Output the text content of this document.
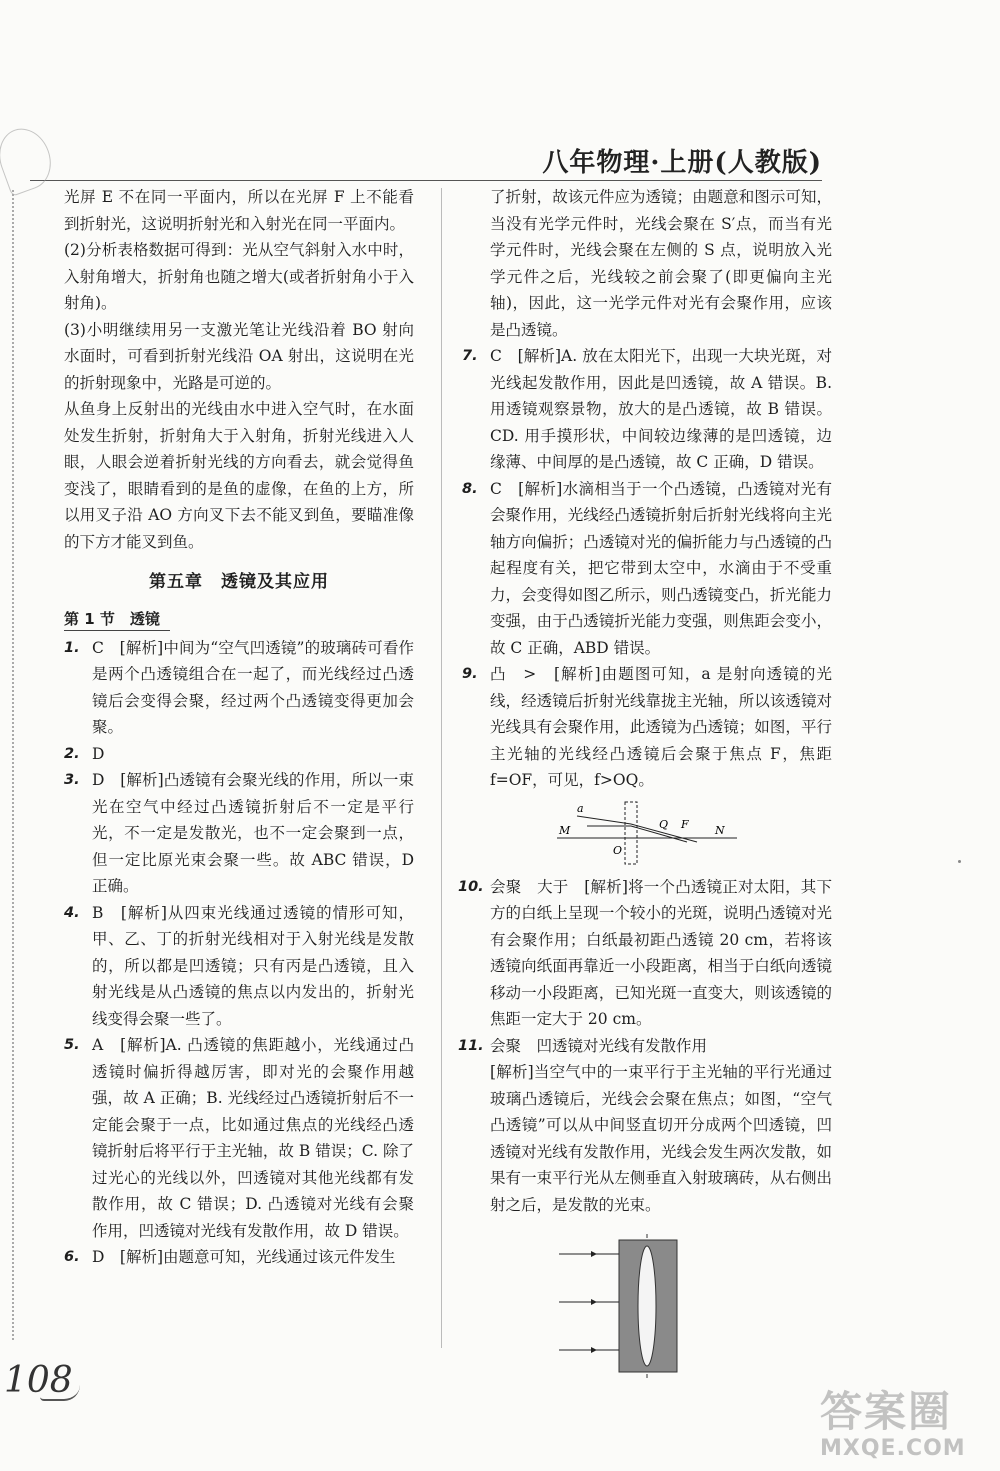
八年物理·上册(人教版)

光屏 E 不在同一平面内，所以在光屏 F 上不能看到折射光，这说明折射光和入射光在同一平面内。

(2)分析表格数据可得到：光从空气斜射入水中时，入射角增大，折射角也随之增大(或者折射角小于入射角)。

(3)小明继续用另一支激光笔让光线沿着 BO 射向水面时，可看到折射光线沿 OA 射出，这说明在光的折射现象中，光路是可逆的。

从鱼身上反射出的光线由水中进入空气时，在水面处发生折射，折射角大于入射角，折射光线进入人眼，人眼会逆着折射光线的方向看去，就会觉得鱼变浅了，眼睛看到的是鱼的虚像，在鱼的上方，所以用叉子沿 AO 方向叉下去不能叉到鱼，要瞄准像的下方才能叉到鱼。

第五章　透镜及其应用
第 1 节　透镜
1. C　[解析]中间为“空气凹透镜”的玻璃砖可看作是两个凸透镜组合在一起了，而光线经过凸透镜后会变得会聚，经过两个凸透镜变得更加会聚。

2. D

3. D　[解析]凸透镜有会聚光线的作用，所以一束光在空气中经过凸透镜折射后不一定是平行光，不一定是发散光，也不一定会聚到一点，但一定比原光束会聚一些。故 ABC 错误，D 正确。

4. B　[解析]从四束光线通过透镜的情形可知，甲、乙、丁的折射光线相对于入射光线是发散的，所以都是凹透镜；只有丙是凸透镜，且入射光线是从凸透镜的焦点以内发出的，折射光线变得会聚一些了。

5. A　[解析]A. 凸透镜的焦距越小，光线通过凸透镜时偏折得越厉害，即对光的会聚作用越强，故 A 正确；B. 光线经过凸透镜折射后不一定能会聚于一点，比如通过焦点的光线经凸透镜折射后将平行于主光轴，故 B 错误；C. 除了过光心的光线以外，凹透镜对其他光线都有发散作用，故 C 错误；D. 凸透镜对光线有会聚作用，凹透镜对光线有发散作用，故 D 错误。

6. D　[解析]由题意可知，光线通过该元件发生

了折射，故该元件应为透镜；由题意和图示可知，当没有光学元件时，光线会聚在 S′点，而当有光学元件时，光线会聚在左侧的 S 点，说明放入光学元件之后，光线较之前会聚了(即更偏向主光轴)，因此，这一光学元件对光有会聚作用，应该是凸透镜。

7. C　[解析]A. 放在太阳光下，出现一大块光斑，对光线起发散作用，因此是凹透镜，故 A 错误。B. 用透镜观察景物，放大的是凸透镜，故 B 错误。CD. 用手摸形状，中间较边缘薄的是凹透镜，边缘薄、中间厚的是凸透镜，故 C 正确，D 错误。

8. C　[解析]水滴相当于一个凸透镜，凸透镜对光有会聚作用，光线经凸透镜折射后折射光线将向主光轴方向偏折；凸透镜对光的偏折能力与凸透镜的凸起程度有关，把它带到太空中，水滴由于不受重力，会变得如图乙所示，则凸透镜变凸，折光能力变强，由于凸透镜折光能力变强，则焦距会变小，故 C 正确，ABD 错误。

9. 凸　>　[解析]由题图可知，a 是射向透镜的光线，经透镜后折射光线靠拢主光轴，所以该透镜对光线具有会聚作用，此透镜为凸透镜；如图，平行主光轴的光线经凸透镜后会聚于焦点 F，焦距 f=OF，可见，f>OQ。

a
M
O
Q F N
10. 会聚　大于　[解析]将一个凸透镜正对太阳，其下方的白纸上呈现一个较小的光斑，说明凸透镜对光有会聚作用；白纸最初距凸透镜 20 cm，若将该透镜向纸面再靠近一小段距离，相当于白纸向透镜移动一小段距离，已知光斑一直变大，则该透镜的焦距一定大于 20 cm。

11. 会聚　凹透镜对光线有发散作用

[解析]当空气中的一束平行于主光轴的平行光通过玻璃凸透镜后，光线会会聚在焦点；如图，“空气凸透镜”可以从中间竖直切开分成两个凹透镜，凹透镜对光线有发散作用，光线会发生两次发散，如果有一束平行光从左侧垂直入射玻璃砖，从右侧出射之后，是发散的光束。

108
答案圈
MXQE.COM
